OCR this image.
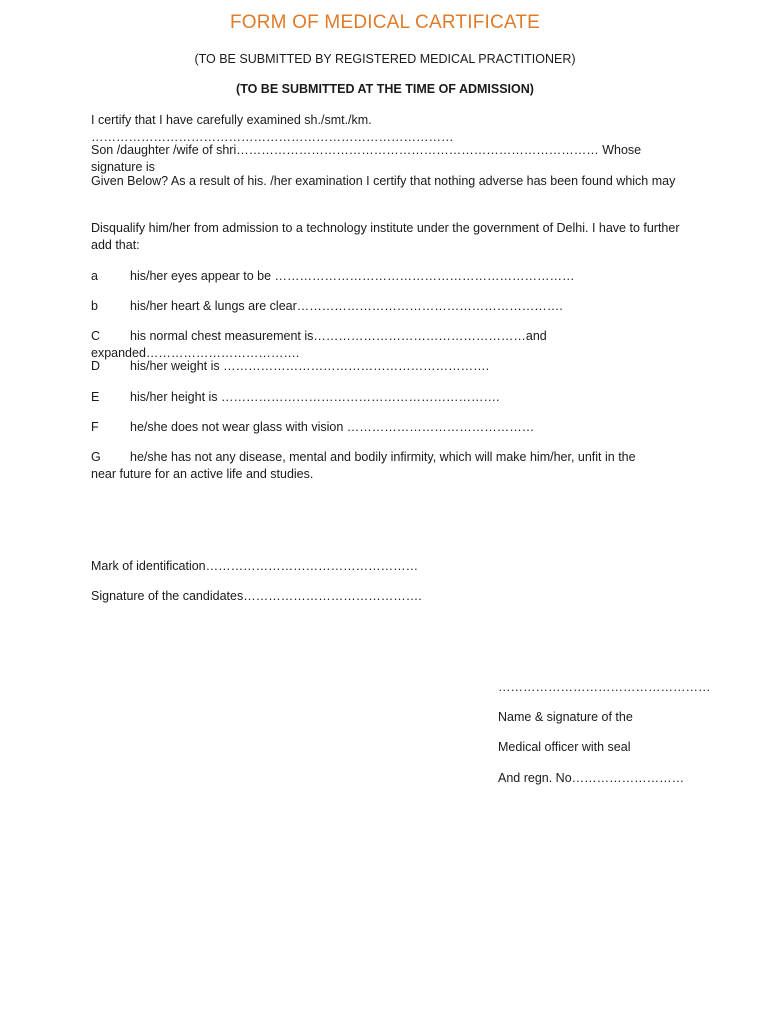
FORM OF MEDICAL CARTIFICATE
(TO BE SUBMITTED BY REGISTERED MEDICAL PRACTITIONER)
(TO BE SUBMITTED AT THE TIME OF ADMISSION)
I certify that I have carefully examined sh./smt./km. ……………………………………………………………………………
Son /daughter /wife of shri…………………………………………………………………………… Whose signature is
Given Below? As a result of his. /her examination I certify that nothing adverse has been found which may
Disqualify him/her from admission to a technology institute under the government of Delhi. I have to further add that:
a	his/her eyes appear to be ………………………………………………………………
b	his/her heart & lungs are clear……………………………………………………….
C his normal chest measurement is……………………………………………and expanded……………………………….
D his/her weight is ……………………………………………………….
E his/her height is ………………………………………………………….
F	he/she does not wear glass with vision ………………………………………
G he/she has not any disease, mental and bodily infirmity, which will make him/her, unfit in the near future for an active life and studies.
Mark of identification……………………………………………
Signature of the candidates…………………………………….
……………………………………………
Name & signature of the
Medical officer with seal
And regn. No………………………
